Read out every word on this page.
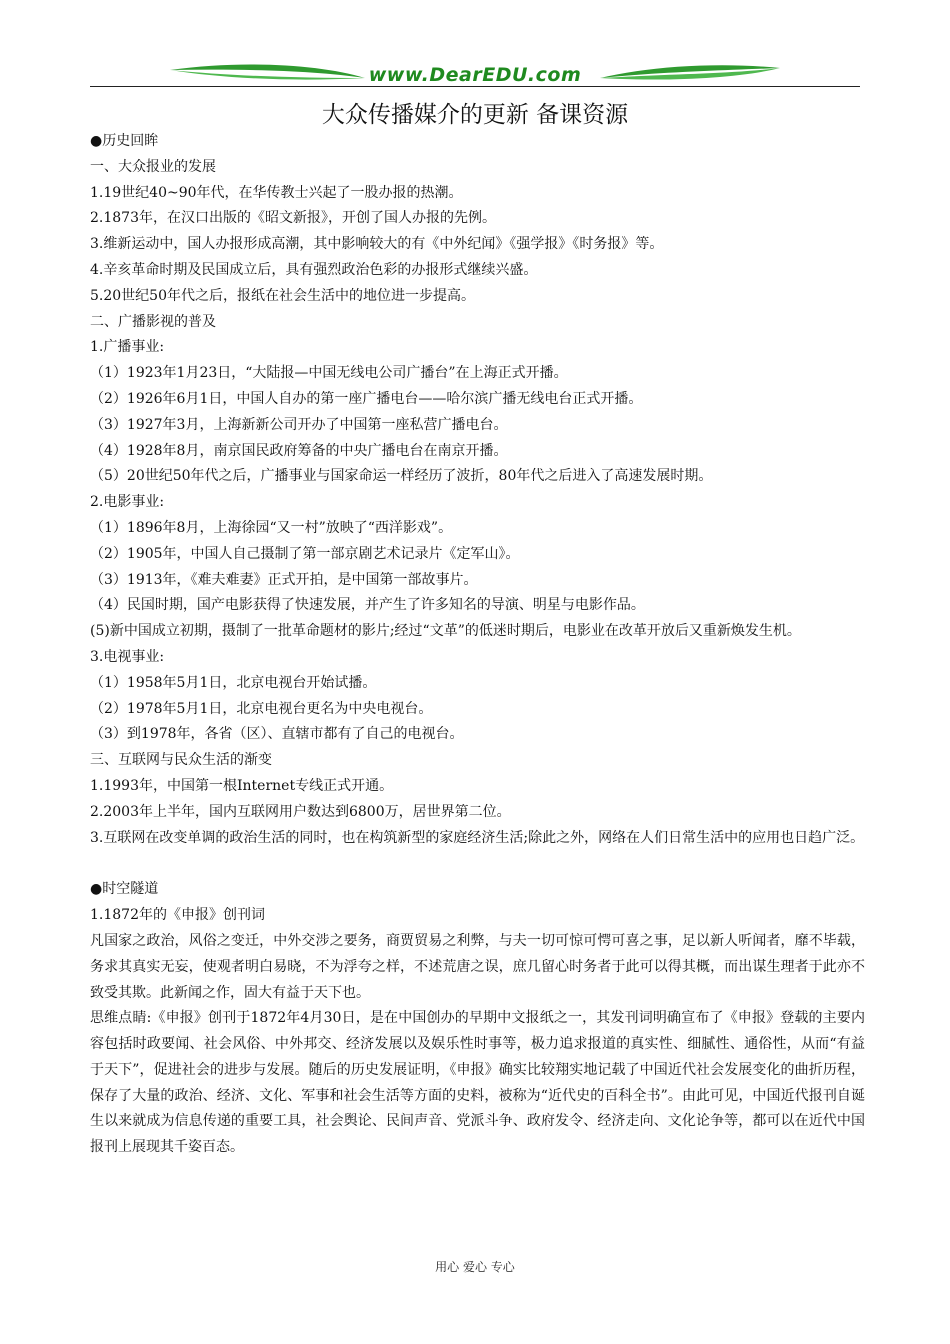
www.DearEDU.com
大众传播媒介的更新 备课资源

●历史回眸

一、大众报业的发展

1.19世纪40~90年代，在华传教士兴起了一股办报的热潮。

2.1873年，在汉口出版的《昭文新报》，开创了国人办报的先例。

3.维新运动中，国人办报形成高潮，其中影响较大的有《中外纪闻》《强学报》《时务报》等。

4.辛亥革命时期及民国成立后，具有强烈政治色彩的办报形式继续兴盛。

5.20世纪50年代之后，报纸在社会生活中的地位进一步提高。

二、广播影视的普及

1.广播事业:

（1）1923年1月23日，“大陆报—中国无线电公司广播台”在上海正式开播。

（2）1926年6月1日，中国人自办的第一座广播电台——哈尔滨广播无线电台正式开播。

（3）1927年3月，上海新新公司开办了中国第一座私营广播电台。

（4）1928年8月，南京国民政府筹备的中央广播电台在南京开播。

（5）20世纪50年代之后，广播事业与国家命运一样经历了波折，80年代之后进入了高速发展时期。

2.电影事业:

（1）1896年8月，上海徐园“又一村”放映了“西洋影戏”。

（2）1905年，中国人自己摄制了第一部京剧艺术记录片《定军山》。

（3）1913年，《难夫难妻》正式开拍，是中国第一部故事片。

（4）民国时期，国产电影获得了快速发展，并产生了许多知名的导演、明星与电影作品。

(5)新中国成立初期，摄制了一批革命题材的影片;经过“文革”的低迷时期后，电影业在改革开放后又重新焕发生机。

3.电视事业:

（1）1958年5月1日，北京电视台开始试播。

（2）1978年5月1日，北京电视台更名为中央电视台。

（3）到1978年，各省（区）、直辖市都有了自己的电视台。

三、互联网与民众生活的渐变

1.1993年，中国第一根Internet专线正式开通。

2.2003年上半年，国内互联网用户数达到6800万，居世界第二位。

3.互联网在改变单调的政治生活的同时，也在构筑新型的家庭经济生活;除此之外，网络在人们日常生活中的应用也日趋广泛。

●时空隧道

1.1872年的《申报》创刊词

凡国家之政治，风俗之变迁，中外交涉之要务，商贾贸易之利弊，与夫一切可惊可愕可喜之事，足以新人听闻者，靡不毕载，务求其真实无妄，使观者明白易晓，不为浮夸之样，不述荒唐之误，庶几留心时务者于此可以得其概，而出谋生理者于此亦不致受其欺。此新闻之作，固大有益于天下也。

思维点睛:《申报》创刊于1872年4月30日，是在中国创办的早期中文报纸之一，其发刊词明确宣布了《申报》登载的主要内容包括时政要闻、社会风俗、中外邦交、经济发展以及娱乐性时事等，极力追求报道的真实性、细腻性、通俗性，从而“有益于天下”，促进社会的进步与发展。随后的历史发展证明，《申报》确实比较翔实地记载了中国近代社会发展变化的曲折历程，保存了大量的政治、经济、文化、军事和社会生活等方面的史料，被称为“近代史的百科全书”。由此可见，中国近代报刊自诞生以来就成为信息传递的重要工具，社会舆论、民间声音、党派斗争、政府发令、经济走向、文化论争等，都可以在近代中国报刊上展现其千姿百态。

用心 爱心 专心
